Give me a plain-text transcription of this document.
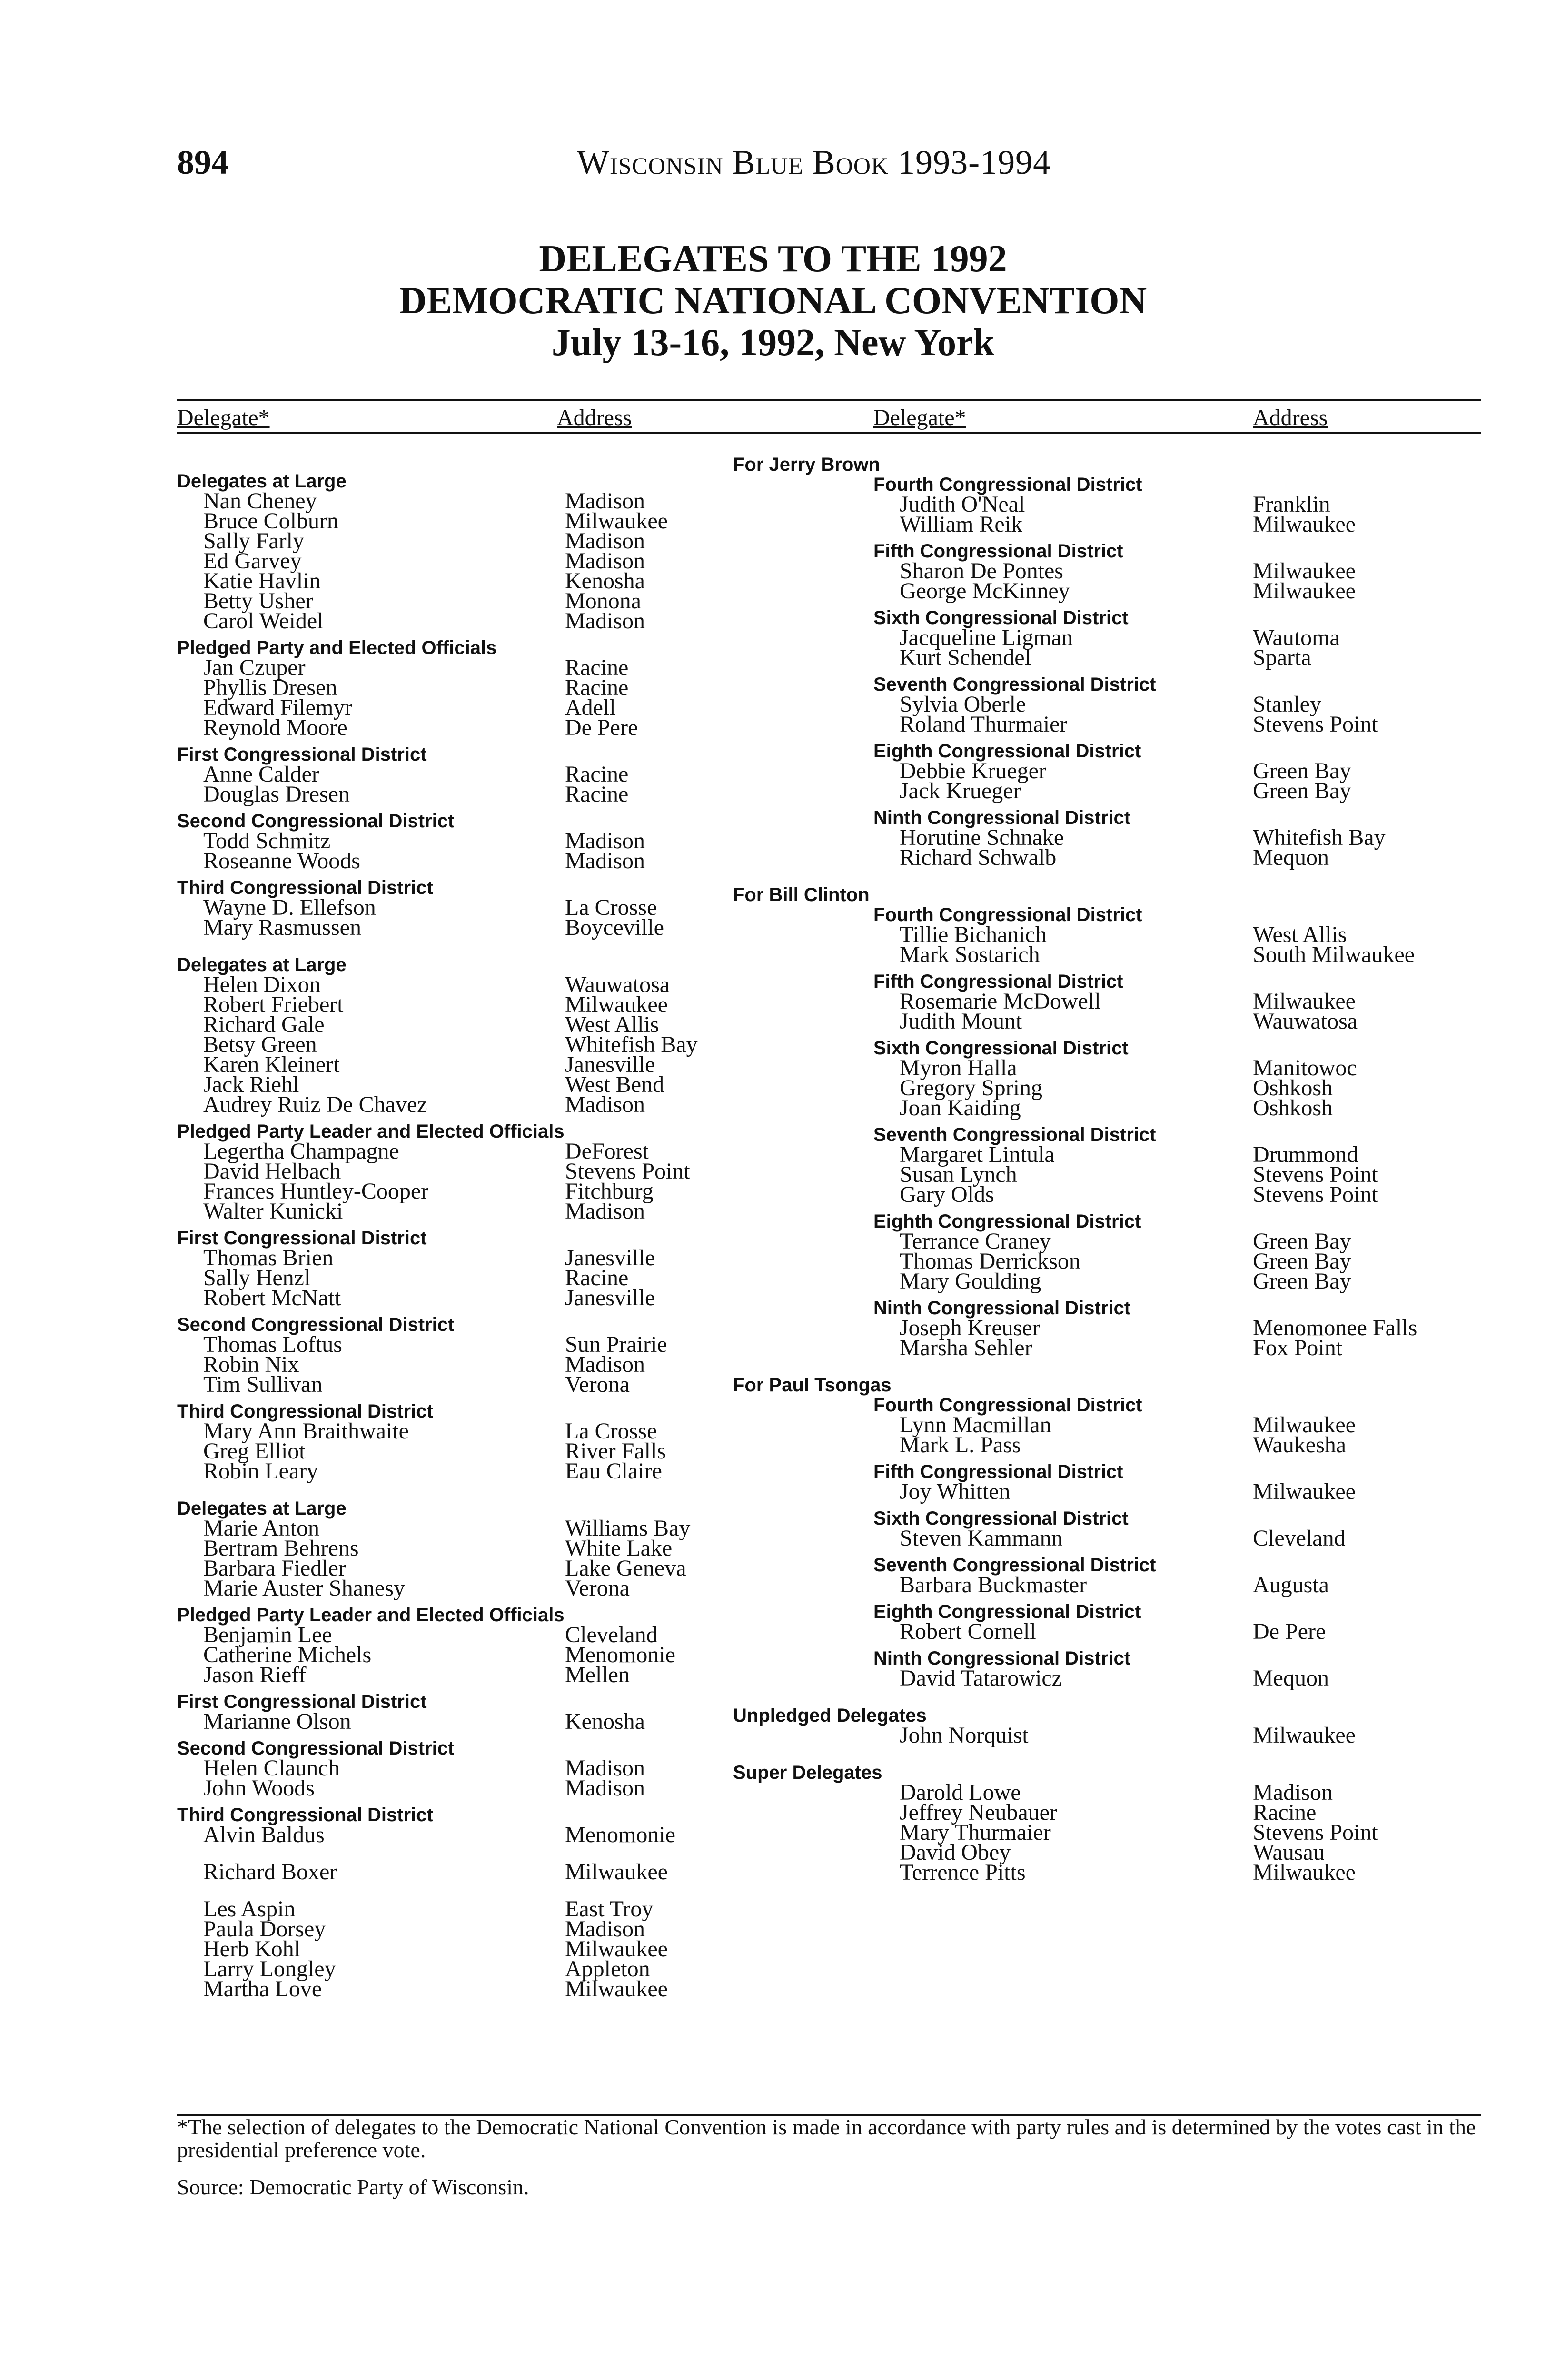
894	Wisconsin Blue Book 1993-1994
DELEGATES TO THE 1992
DEMOCRATIC NATIONAL CONVENTION
July 13-16, 1992, New York
Delegate*	Address	Delegate*	Address
Delegates at Large
Nan Cheney	Madison
Bruce Colburn	Milwaukee
Sally Farly	Madison
Ed Garvey	Madison
Katie Havlin	Kenosha
Betty Usher	Monona
Carol Weidel	Madison
Pledged Party and Elected Officials
Jan Czuper	Racine
Phyllis Dresen	Racine
Edward Filemyr	Adell
Reynold Moore	De Pere
First Congressional District
Anne Calder	Racine
Douglas Dresen	Racine
Second Congressional District
Todd Schmitz	Madison
Roseanne Woods	Madison
Third Congressional District
Wayne D. Ellefson	La Crosse
Mary Rasmussen	Boyceville
Delegates at Large
Helen Dixon	Wauwatosa
Robert Friebert	Milwaukee
Richard Gale	West Allis
Betsy Green	Whitefish Bay
Karen Kleinert	Janesville
Jack Riehl	West Bend
Audrey Ruiz De Chavez	Madison
Pledged Party Leader and Elected Officials
Legertha Champagne	DeForest
David Helbach	Stevens Point
Frances Huntley-Cooper	Fitchburg
Walter Kunicki	Madison
First Congressional District
Thomas Brien	Janesville
Sally Henzl	Racine
Robert McNatt	Janesville
Second Congressional District
Thomas Loftus	Sun Prairie
Robin Nix	Madison
Tim Sullivan	Verona
Third Congressional District
Mary Ann Braithwaite	La Crosse
Greg Elliot	River Falls
Robin Leary	Eau Claire
Delegates at Large
Marie Anton	Williams Bay
Bertram Behrens	White Lake
Barbara Fiedler	Lake Geneva
Marie Auster Shanesy	Verona
Pledged Party Leader and Elected Officials
Benjamin Lee	Cleveland
Catherine Michels	Menomonie
Jason Rieff	Mellen
First Congressional District
Marianne Olson	Kenosha
Second Congressional District
Helen Claunch	Madison
John Woods	Madison
Third Congressional District
Alvin Baldus	Menomonie
Richard Boxer	Milwaukee
Les Aspin	East Troy
Paula Dorsey	Madison
Herb Kohl	Milwaukee
Larry Longley	Appleton
Martha Love	Milwaukee
For Jerry Brown
Fourth Congressional District
Judith O'Neal	Franklin
William Reik	Milwaukee
Fifth Congressional District
Sharon De Pontes	Milwaukee
George McKinney	Milwaukee
Sixth Congressional District
Jacqueline Ligman	Wautoma
Kurt Schendel	Sparta
Seventh Congressional District
Sylvia Oberle	Stanley
Roland Thurmaier	Stevens Point
Eighth Congressional District
Debbie Krueger	Green Bay
Jack Krueger	Green Bay
Ninth Congressional District
Horutine Schnake	Whitefish Bay
Richard Schwalb	Mequon
For Bill Clinton
Fourth Congressional District
Tillie Bichanich	West Allis
Mark Sostarich	South Milwaukee
Fifth Congressional District
Rosemarie McDowell	Milwaukee
Judith Mount	Wauwatosa
Sixth Congressional District
Myron Halla	Manitowoc
Gregory Spring	Oshkosh
Joan Kaiding	Oshkosh
Seventh Congressional District
Margaret Lintula	Drummond
Susan Lynch	Stevens Point
Gary Olds	Stevens Point
Eighth Congressional District
Terrance Craney	Green Bay
Thomas Derrickson	Green Bay
Mary Goulding	Green Bay
Ninth Congressional District
Joseph Kreuser	Menomonee Falls
Marsha Sehler	Fox Point
For Paul Tsongas
Fourth Congressional District
Lynn Macmillan	Milwaukee
Mark L. Pass	Waukesha
Fifth Congressional District
Joy Whitten	Milwaukee
Sixth Congressional District
Steven Kammann	Cleveland
Seventh Congressional District
Barbara Buckmaster	Augusta
Eighth Congressional District
Robert Cornell	De Pere
Ninth Congressional District
David Tatarowicz	Mequon
Unpledged Delegates
John Norquist	Milwaukee
Super Delegates
Darold Lowe	Madison
Jeffrey Neubauer	Racine
Mary Thurmaier	Stevens Point
David Obey	Wausau
Terrence Pitts	Milwaukee
*The selection of delegates to the Democratic National Convention is made in accordance with party rules and is determined by the votes cast in the presidential preference vote.
Source: Democratic Party of Wisconsin.
